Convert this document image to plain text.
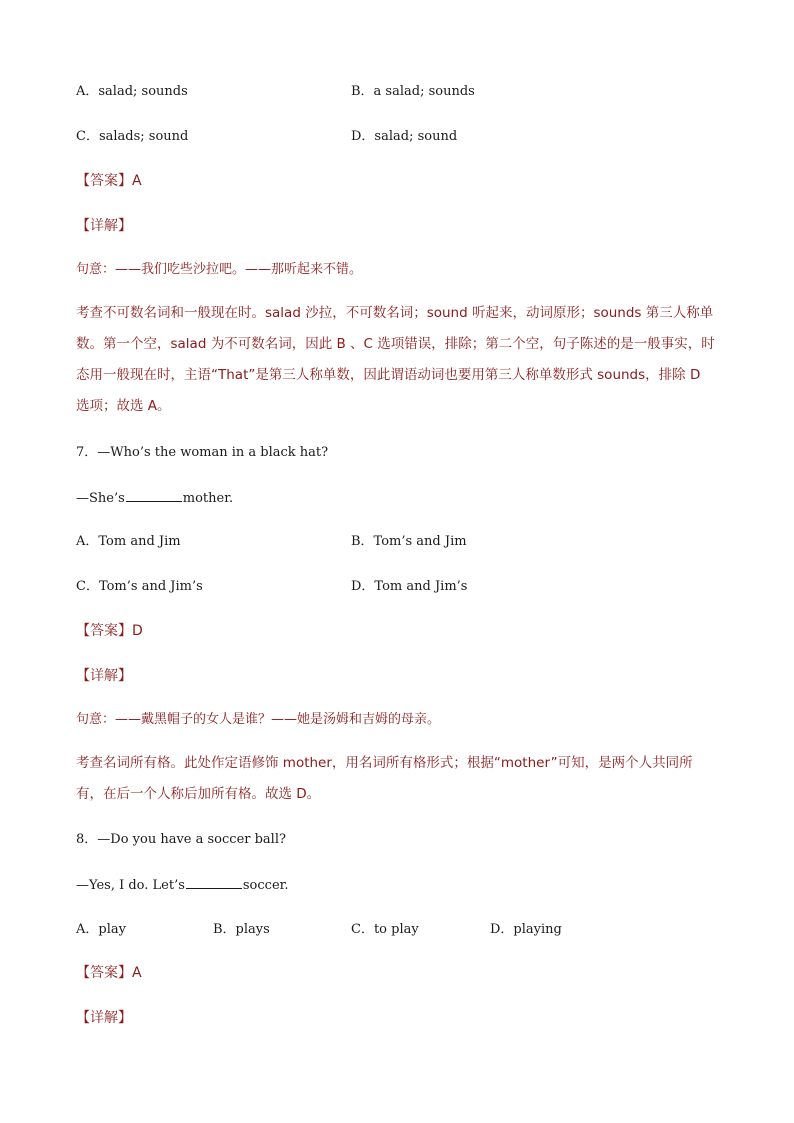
A．salad; sounds	B．a salad; sounds
C．salads; sound	D．salad; sound
【答案】A
【详解】
句意：——我们吃些沙拉吧。——那听起来不错。
考查不可数名词和一般现在时。salad 沙拉，不可数名词；sound 听起来，动词原形；sounds 第三人称单数。第一个空，salad 为不可数名词，因此 B 、C 选项错误，排除；第二个空，句子陈述的是一般事实，时态用一般现在时，主语“That”是第三人称单数，因此谓语动词也要用第三人称单数形式 sounds，排除 D 选项；故选 A。
7．—Who’s the woman in a black hat?
—She’s	mother.
A．Tom and Jim	B．Tom’s and Jim
C．Tom’s and Jim’s	D．Tom and Jim’s
【答案】D
【详解】
句意：——戴黑帽子的女人是谁？——她是汤姆和吉姆的母亲。
考查名词所有格。此处作定语修饰 mother，用名词所有格形式；根据“mother”可知，是两个人共同所有，在后一个人称后加所有格。故选 D。
8．—Do you have a soccer ball?
—Yes, I do. Let’s	soccer.
A．play	B．plays	C．to play	D．playing
【答案】A
【详解】
